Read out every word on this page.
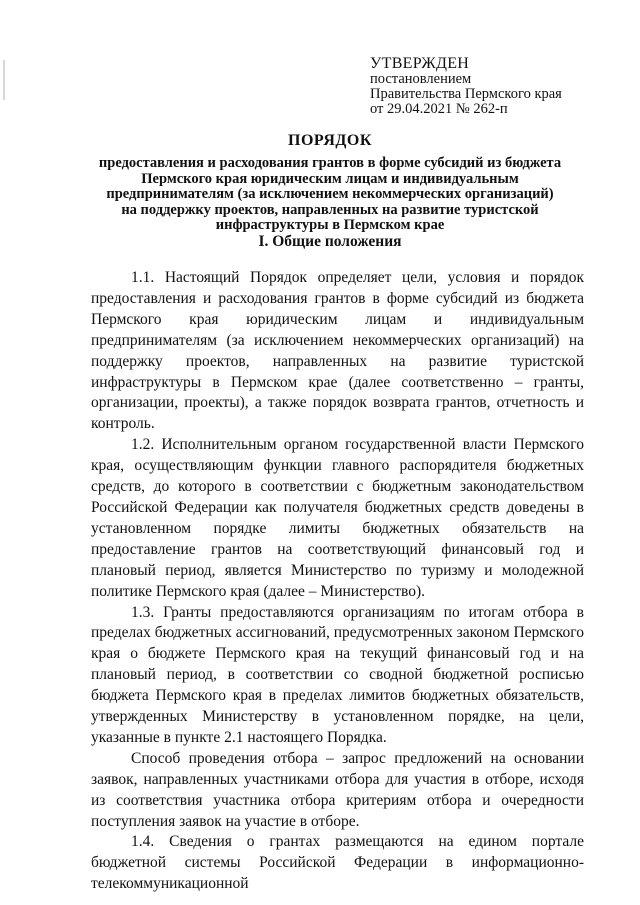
УТВЕРЖДЕН
постановлением
Правительства Пермского края
от 29.04.2021 № 262-п
ПОРЯДОК
предоставления и расходования грантов в форме субсидий из бюджета
Пермского края юридическим лицам и индивидуальным
предпринимателям (за исключением некоммерческих организаций)
на поддержку проектов, направленных на развитие туристской
инфраструктуры в Пермском крае
I. Общие положения

1.1. Настоящий Порядок определяет цели, условия и порядок предоставления и расходования грантов в форме субсидий из бюджета Пермского края юридическим лицам и индивидуальным предпринимателям (за исключением некоммерческих организаций) на поддержку проектов, направленных на развитие туристской инфраструктуры в Пермском крае (далее соответственно – гранты, организации, проекты), а также порядок возврата грантов, отчетность и контроль.

1.2. Исполнительным органом государственной власти Пермского края, осуществляющим функции главного распорядителя бюджетных средств, до которого в соответствии с бюджетным законодательством Российской Федерации как получателя бюджетных средств доведены в установленном порядке лимиты бюджетных обязательств на предоставление грантов на соответствующий финансовый год и плановый период, является Министерство по туризму и молодежной политике Пермского края (далее – Министерство).

1.3. Гранты предоставляются организациям по итогам отбора в пределах бюджетных ассигнований, предусмотренных законом Пермского края о бюджете Пермского края на текущий финансовый год и на плановый период, в соответствии со сводной бюджетной росписью бюджета Пермского края в пределах лимитов бюджетных обязательств, утвержденных Министерству в установленном порядке, на цели, указанные в пункте 2.1 настоящего Порядка.

Способ проведения отбора – запрос предложений на основании заявок, направленных участниками отбора для участия в отборе, исходя из соответствия участника отбора критериям отбора и очередности поступления заявок на участие в отборе.

1.4. Сведения о грантах размещаются на едином портале бюджетной системы Российской Федерации в информационно-телекоммуникационной
